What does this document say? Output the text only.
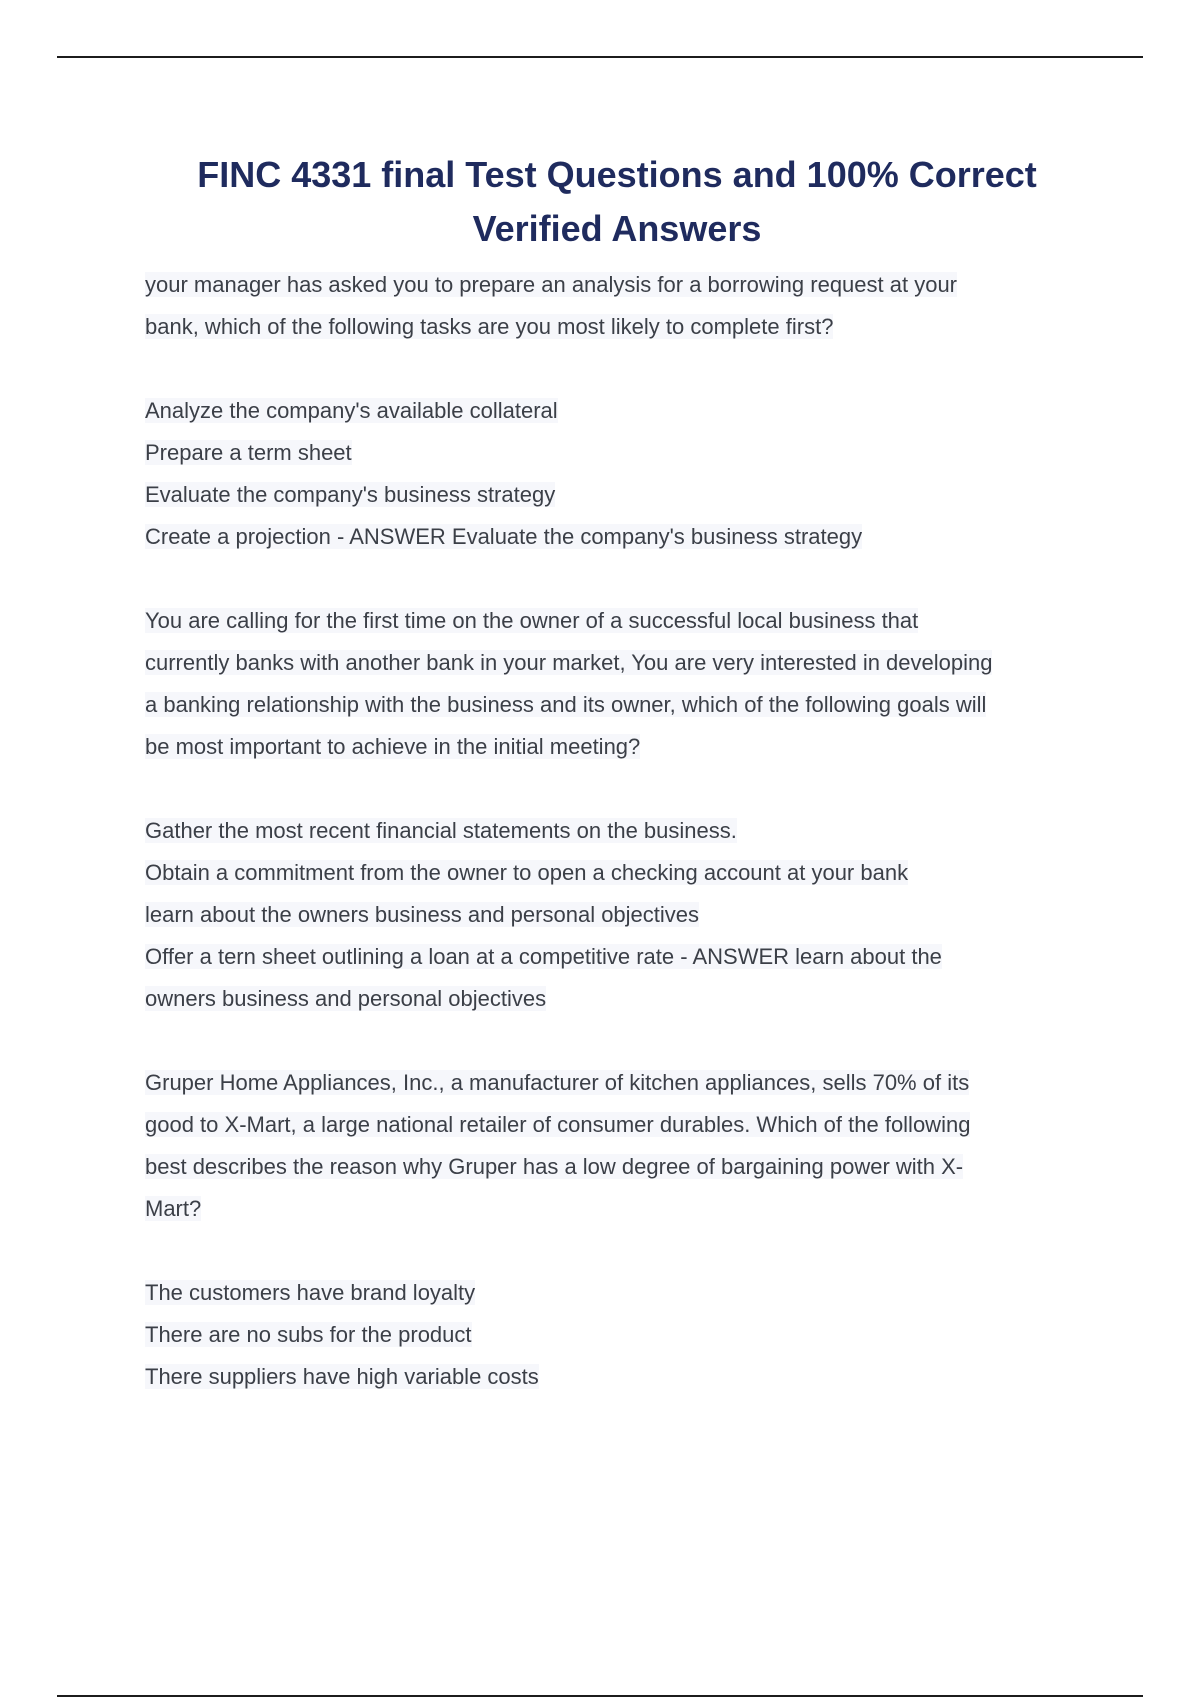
FINC 4331 final Test Questions and 100% Correct
Verified Answers
your manager has asked you to prepare an analysis for a borrowing request at your
bank, which of the following tasks are you most likely to complete first?
Analyze the company's available collateral
Prepare a term sheet
Evaluate the company's business strategy
Create a projection - ANSWER Evaluate the company's business strategy
You are calling for the first time on the owner of a successful local business that
currently banks with another bank in your market, You are very interested in developing
a banking relationship with the business and its owner, which of the following goals will
be most important to achieve in the initial meeting?
Gather the most recent financial statements on the business.
Obtain a commitment from the owner to open a checking account at your bank
learn about the owners business and personal objectives
Offer a tern sheet outlining a loan at a competitive rate - ANSWER learn about the
owners business and personal objectives
Gruper Home Appliances, Inc., a manufacturer of kitchen appliances, sells 70% of its
good to X-Mart, a large national retailer of consumer durables. Which of the following
best describes the reason why Gruper has a low degree of bargaining power with X-
Mart?
The customers have brand loyalty
There are no subs for the product
There suppliers have high variable costs
